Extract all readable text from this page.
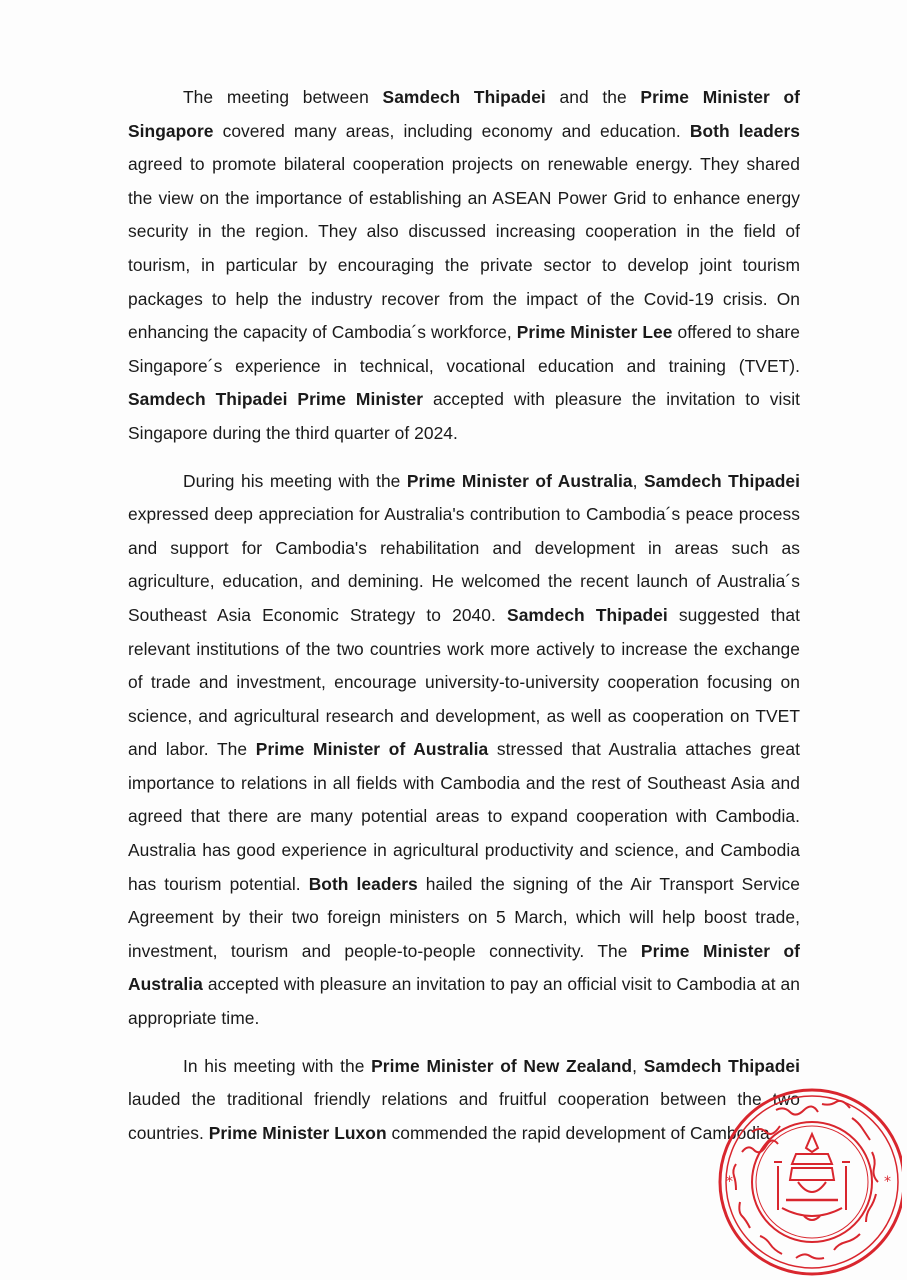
The meeting between Samdech Thipadei and the Prime Minister of Singapore covered many areas, including economy and education. Both leaders agreed to promote bilateral cooperation projects on renewable energy. They shared the view on the importance of establishing an ASEAN Power Grid to enhance energy security in the region. They also discussed increasing cooperation in the field of tourism, in particular by encouraging the private sector to develop joint tourism packages to help the industry recover from the impact of the Covid-19 crisis. On enhancing the capacity of Cambodia´s workforce, Prime Minister Lee offered to share Singapore´s experience in technical, vocational education and training (TVET). Samdech Thipadei Prime Minister accepted with pleasure the invitation to visit Singapore during the third quarter of 2024.

During his meeting with the Prime Minister of Australia, Samdech Thipadei expressed deep appreciation for Australia's contribution to Cambodia´s peace process and support for Cambodia's rehabilitation and development in areas such as agriculture, education, and demining. He welcomed the recent launch of Australia´s Southeast Asia Economic Strategy to 2040. Samdech Thipadei suggested that relevant institutions of the two countries work more actively to increase the exchange of trade and investment, encourage university-to-university cooperation focusing on science, and agricultural research and development, as well as cooperation on TVET and labor. The Prime Minister of Australia stressed that Australia attaches great importance to relations in all fields with Cambodia and the rest of Southeast Asia and agreed that there are many potential areas to expand cooperation with Cambodia. Australia has good experience in agricultural productivity and science, and Cambodia has tourism potential. Both leaders hailed the signing of the Air Transport Service Agreement by their two foreign ministers on 5 March, which will help boost trade, investment, tourism and people-to-people connectivity. The Prime Minister of Australia accepted with pleasure an invitation to pay an official visit to Cambodia at an appropriate time.

In his meeting with the Prime Minister of New Zealand, Samdech Thipadei lauded the traditional friendly relations and fruitful cooperation between the two countries. Prime Minister Luxon commended the rapid development of Cambodia

*	*
